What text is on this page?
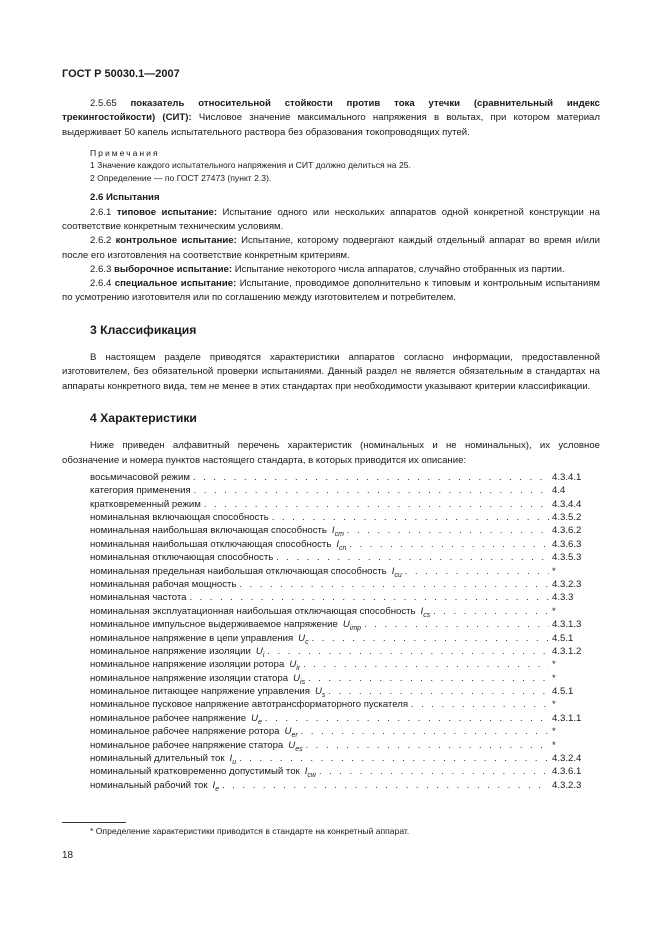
ГОСТ Р 50030.1—2007

2.5.65 показатель относительной стойкости против тока утечки (сравнительный индекс трекингостойкости) (СИТ): Числовое значение максимального напряжения в вольтах, при котором материал выдерживает 50 капель испытательного раствора без образования токопроводящих путей.

Примечания

1 Значение каждого испытательного напряжения и СИТ должно делиться на 25.

2 Определение — по ГОСТ 27473 (пункт 2.3).

2.6 Испытания

2.6.1 типовое испытание: Испытание одного или нескольких аппаратов одной конкретной конструкции на соответствие конкретным техническим условиям.

2.6.2 контрольное испытание: Испытание, которому подвергают каждый отдельный аппарат во время и/или после его изготовления на соответствие конкретным критериям.

2.6.3 выборочное испытание: Испытание некоторого числа аппаратов, случайно отобранных из партии.

2.6.4 специальное испытание: Испытание, проводимое дополнительно к типовым и контрольным испытаниям по усмотрению изготовителя или по соглашению между изготовителем и потребителем.

3 Классификация

В настоящем разделе приводятся характеристики аппаратов согласно информации, предоставленной изготовителем, без обязательной проверки испытаниями. Данный раздел не является обязательным в стандартах на аппараты конкретного вида, тем не менее в этих стандартах при необходимости указывают критерии классификации.

4 Характеристики

Ниже приведен алфавитный перечень характеристик (номинальных и не номинальных), их условное обозначение и номера пунктов настоящего стандарта, в которых приводится их описание:

восьмичасовой режим . . .	4.3.4.1
категория применения . . .	4.4
кратковременный режим . . .	4.3.4.4
номинальная включающая способность . . .	4.3.5.2
номинальная наибольшая включающая способность $I_{cm}$ . . .	4.3.6.2
номинальная наибольшая отключающая способность $I_{cn}$ . . .	4.3.6.3
номинальная отключающая способность . . .	4.3.5.3
номинальная предельная наибольшая отключающая способность $I_{cu}$ . . .	*
номинальная рабочая мощность . . .	4.3.2.3
номинальная частота . . .	4.3.3
номинальная эксплуатационная наибольшая отключающая способность $I_{cs}$ . . .	*
номинальное импульсное выдерживаемое напряжение $U_{imp}$ . . .	4.3.1.3
номинальное напряжение в цепи управления $U_c$ . . .	4.5.1
номинальное напряжение изоляции $U_i$ . . .	4.3.1.2
номинальное напряжение изоляции ротора $U_{ir}$ . . .	*
номинальное напряжение изоляции статора $U_{is}$ . . .	*
номинальное питающее напряжение управления $U_s$ . . .	4.5.1
номинальное пусковое напряжение автотрансформаторного пускателя . . .	*
номинальное рабочее напряжение $U_e$ . . .	4.3.1.1
номинальное рабочее напряжение ротора $U_{er}$ . . .	*
номинальное рабочее напряжение статора $U_{es}$ . . .	*
номинальный длительный ток $I_u$ . . .	4.3.2.4
номинальный кратковременно допустимый ток $I_{cw}$ . . .	4.3.6.1
номинальный рабочий ток $I_e$ . . .	4.3.2.3
* Определение характеристики приводится в стандарте на конкретный аппарат.
18
